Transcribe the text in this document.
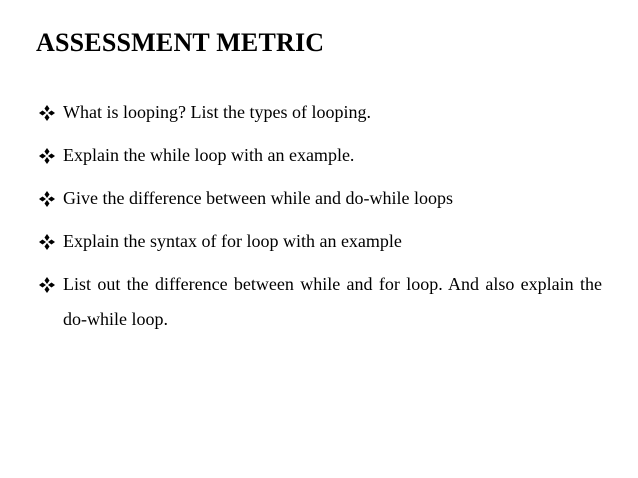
ASSESSMENT METRIC
What is looping? List the types of looping.
Explain the while loop with an example.
Give the difference between while and do-while loops
Explain the syntax of for loop with an example
List out the difference between while and for loop. And also explain the do-while loop.
